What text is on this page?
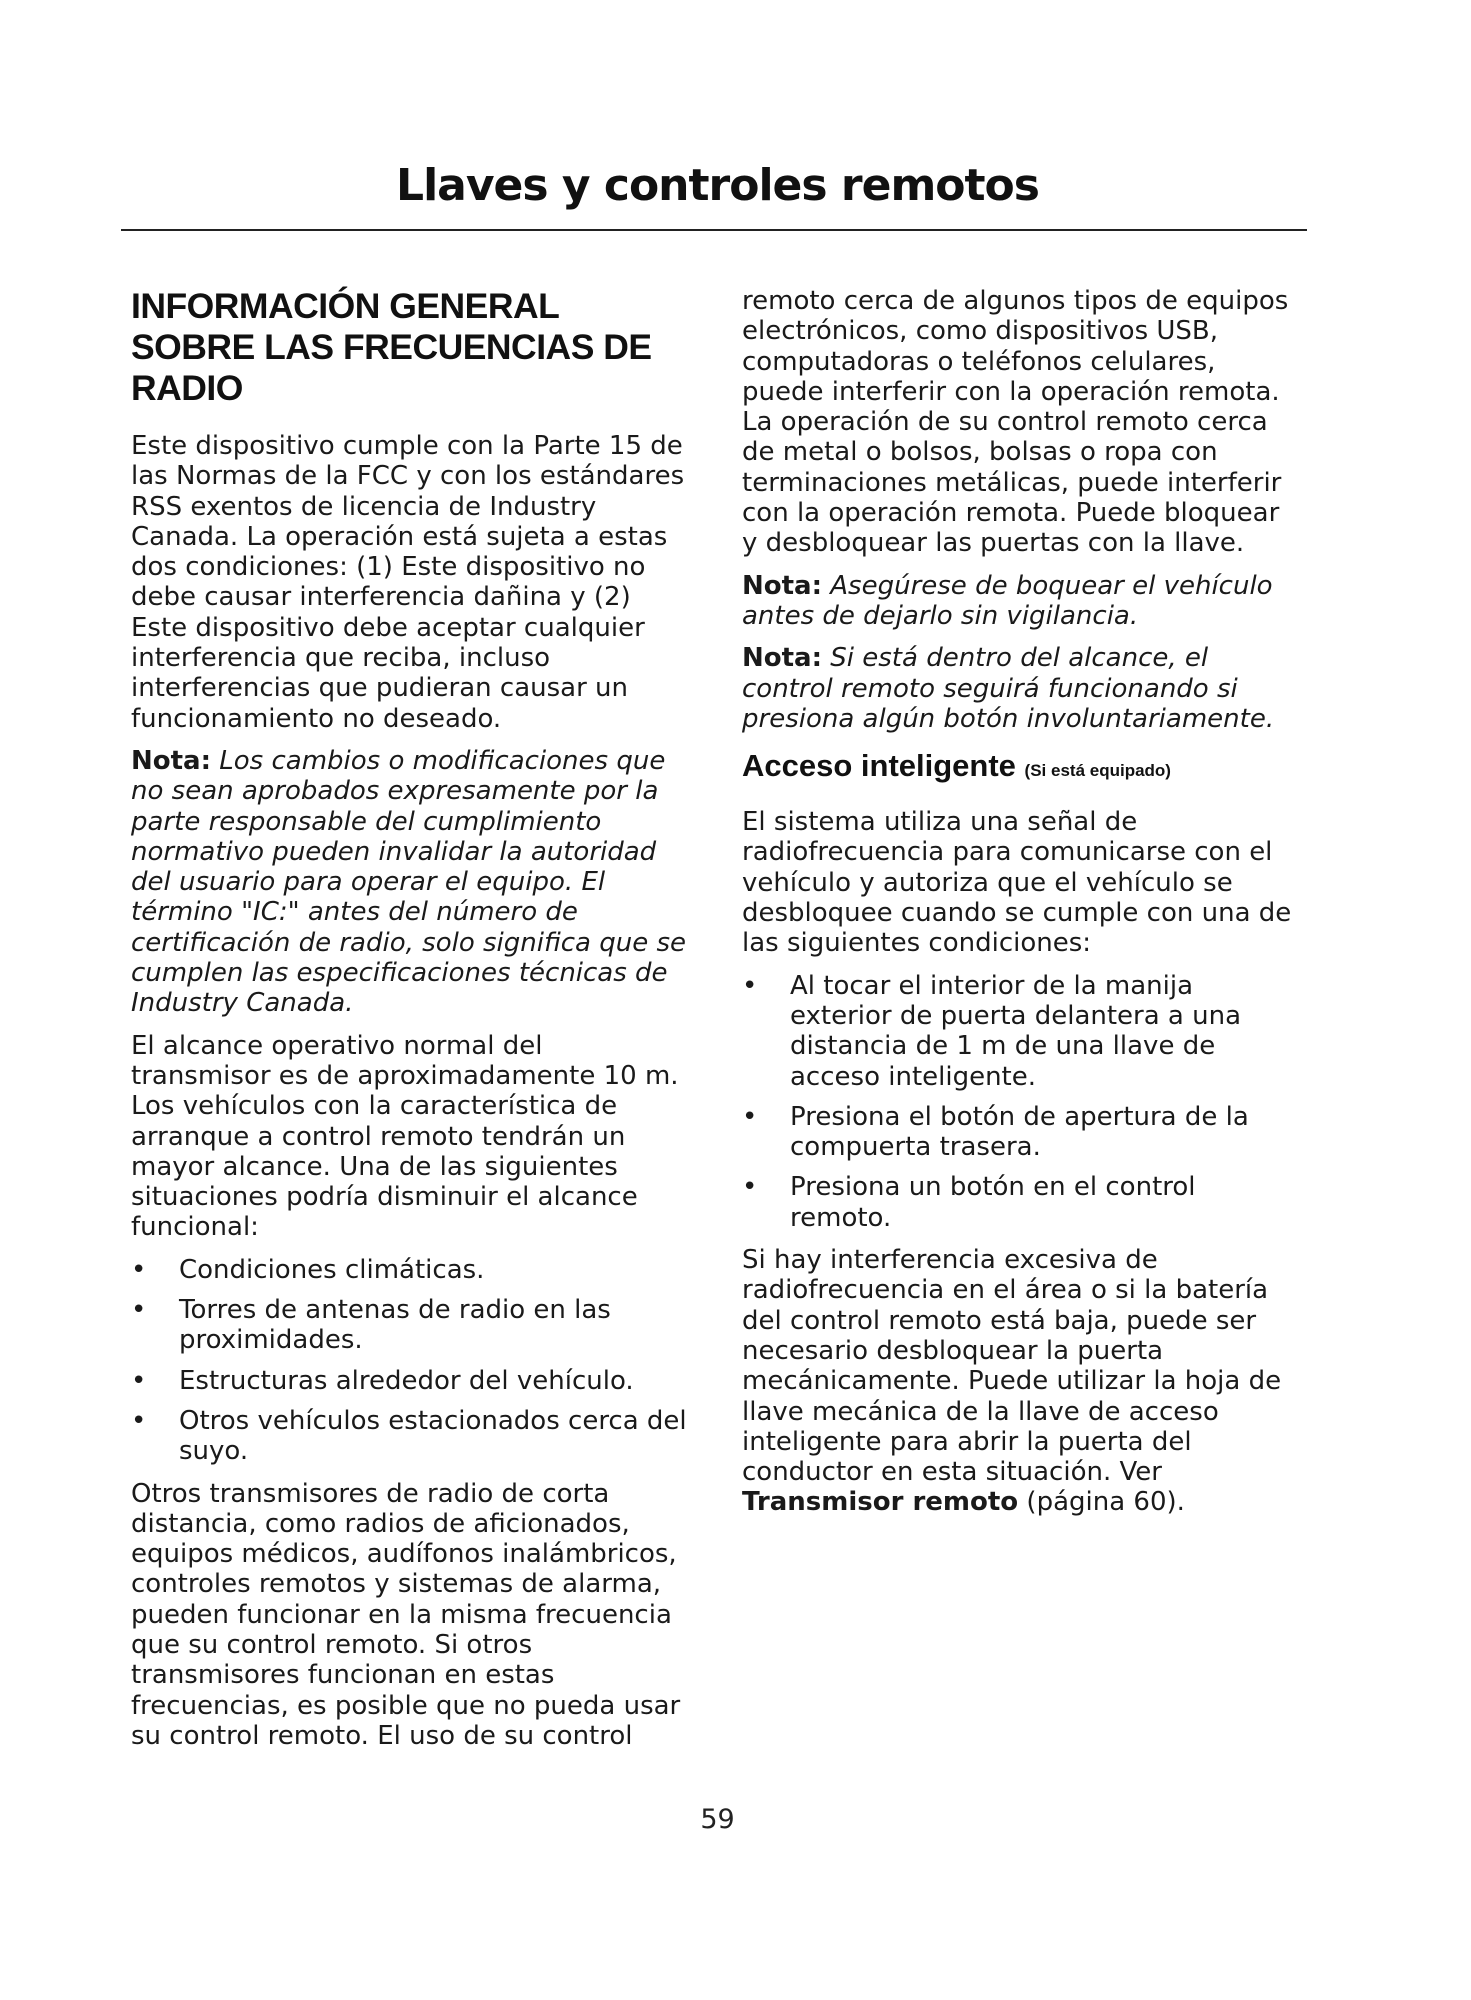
Llaves y controles remotos
INFORMACIÓN GENERAL SOBRE LAS FRECUENCIAS DE RADIO

Este dispositivo cumple con la Parte 15 de las Normas de la FCC y con los estándares RSS exentos de licencia de Industry Canada. La operación está sujeta a estas dos condiciones: (1) Este dispositivo no debe causar interferencia dañina y (2) Este dispositivo debe aceptar cualquier interferencia que reciba, incluso interferencias que pudieran causar un funcionamiento no deseado.

Nota: Los cambios o modificaciones que no sean aprobados expresamente por la parte responsable del cumplimiento normativo pueden invalidar la autoridad del usuario para operar el equipo. El término "IC:" antes del número de certificación de radio, solo significa que se cumplen las especificaciones técnicas de Industry Canada.

El alcance operativo normal del transmisor es de aproximadamente 10 m. Los vehículos con la característica de arranque a control remoto tendrán un mayor alcance. Una de las siguientes situaciones podría disminuir el alcance funcional:

• Condiciones climáticas.
• Torres de antenas de radio en las proximidades.
• Estructuras alrededor del vehículo.
• Otros vehículos estacionados cerca del suyo.

Otros transmisores de radio de corta distancia, como radios de aficionados, equipos médicos, audífonos inalámbricos, controles remotos y sistemas de alarma, pueden funcionar en la misma frecuencia que su control remoto. Si otros transmisores funcionan en estas frecuencias, es posible que no pueda usar su control remoto. El uso de su control

remoto cerca de algunos tipos de equipos electrónicos, como dispositivos USB, computadoras o teléfonos celulares, puede interferir con la operación remota. La operación de su control remoto cerca de metal o bolsos, bolsas o ropa con terminaciones metálicas, puede interferir con la operación remota. Puede bloquear y desbloquear las puertas con la llave.

Nota: Asegúrese de boquear el vehículo antes de dejarlo sin vigilancia.

Nota: Si está dentro del alcance, el control remoto seguirá funcionando si presiona algún botón involuntariamente.

Acceso inteligente (Si está equipado)

El sistema utiliza una señal de radiofrecuencia para comunicarse con el vehículo y autoriza que el vehículo se desbloquee cuando se cumple con una de las siguientes condiciones:

• Al tocar el interior de la manija exterior de puerta delantera a una distancia de 1 m de una llave de acceso inteligente.
• Presiona el botón de apertura de la compuerta trasera.
• Presiona un botón en el control remoto.

Si hay interferencia excesiva de radiofrecuencia en el área o si la batería del control remoto está baja, puede ser necesario desbloquear la puerta mecánicamente. Puede utilizar la hoja de llave mecánica de la llave de acceso inteligente para abrir la puerta del conductor en esta situación. Ver Transmisor remoto (página 60).

59
